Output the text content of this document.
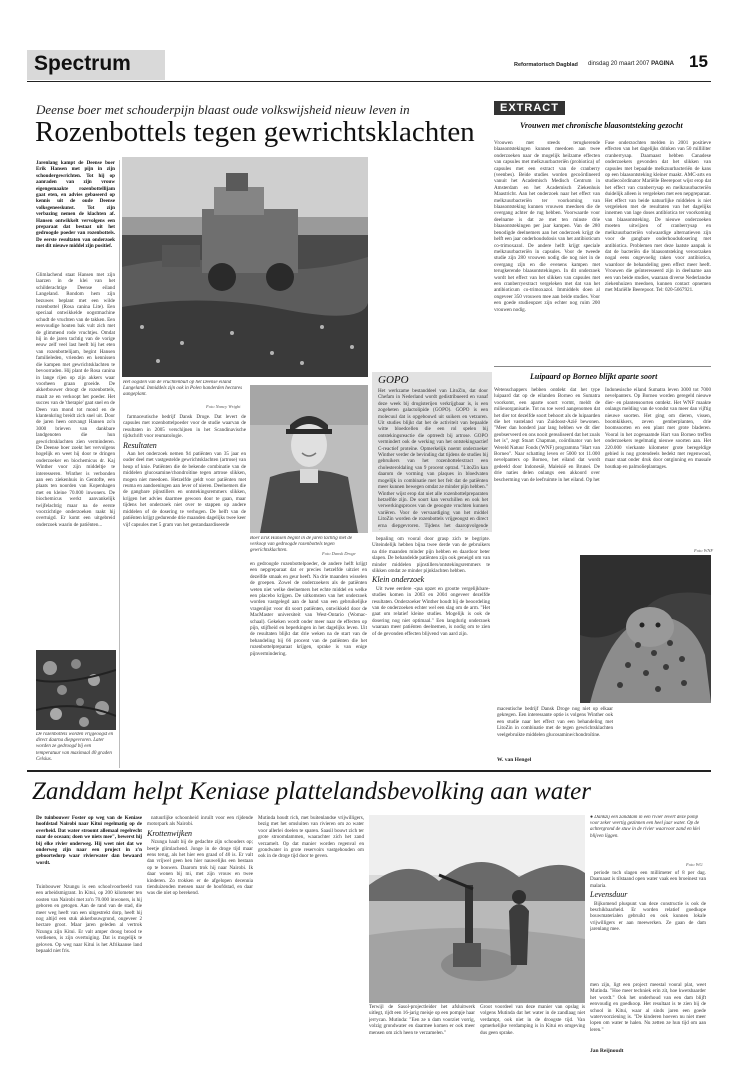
Spectrum	Reformatorisch Dagblad dinsdag 20 maart 2007 PAGINA 15
Deense boer met schouderpijn blaast oude volkswijsheid nieuw leven in
Rozenbottels tegen gewrichtsklachten
Jarenlang kampt de Deense boer Erik Hansen met pijn in zijn schoudergewrichten. Tot hij op aanraden van zijn vrouw eigengemaakte rozenbottellijam gaat eten, en advies gebaseerd op kennis uit de oude Deense volksgeneeskunst. Tot zijn verbazing nemen de klachten af. Hansen ontwikkelt vervolgens een preparaat dat bestaat uit het gedroogde poeder van rozenbottels. De eerste resultaten van onderzoek met dit nieuwe middel zijn positief.
Glimlachend staat Hansen met zijn laarzen in de klei van het schilderachtige Deense eiland Langeland. Rondom hem zijn bezuwes beplant met een wilde rozenbottel (Rosa canina Lite). Een speciaal ontwikkelde oogstmachine schudt de vruchten van de takken. Een eenvoudige houten bak vult zich met de glimmend rode vruchtjes. Omdat hij in de jaren tachtig van de vorige eeuw zelf veel last heeft bij het eten van rozenbottelijam, begint Hansen familieleden, vrienden en kennissen die kampen met gewrichtsklachten te bevoorraden. Hij plant de Rosa canina in lange rijen op zijn akkers waar voorheen graan groeide. De akkerbouwer droogt de rozenbottels, maalt ze en verkoopt het poeder. Het succes van de 'therapie' gaat snel en de Deen van mond tot mond en de klantenkring breidt zich snel uit. Door de jaren heen ontvangt Hansen zo'n 3000 brieven van dankbare landgenoten die hun gewrichtsklachten zien verminderen. De Deense boer zoekt het vervolgens hogelijk en weet hij door te dringen onderzoeker en biochemicus dr. Kaj Winther voor zijn middeltje te interesseren. Winther is verbonden aan een ziekenhuis in Gentofte, een plaats ten noorden van Kopenhagen met en kleine 70.000 inwoners. De biochemicus werkt aanvankelijk twijfelachtig maar na de eerste voorzichtige onderzoeken raakt hij overtuigd. Er komt een uitgebreid onderzoek waarin de patiënten...
De rozenbottels worden vrijgeoogst en direct daarna diepgevroren. Later worden ze gedroogd bij een temperatuur van maximaal 40 graden Celsius.
Het oogsten van de vruchtenbult op het Deense eiland Langeland. Inmiddels zijn ook in Polen handerden hectares aangeplant.
Foto Nancy Wright

farmaceutische bedrijf Dansk Droge. Dat levert de capsules met rozenbottelpoeder voor de studie waarvan de resultaten in 2005 verschijnen in het Scandinavische tijdschrift voor reumatologie.

Resultaten

Aan het onderzoek nemen 94 patiënten van 35 jaar en ouder deel met vastgestelde gewrichtsklachten (artrose) van heup of knie. Patiënten die de bekende combinatie van de middelen glucosamine/chondroïtine tegen artrose slikken, mogen niet meedoen. Hetzelfde geldt voor patiënten met reuma en aandoeningen aan lever of nieren. Deelnemers die de gangbare pijnstillers en ontstekingsremmers slikken, krijgen het advies daarmee gewoon door te gaan, maar tijdens het onderzoek niet over te stappen op andere middelen of de dosering te verhogen. De helft van de patiënten krijgt gedurende drie maanden dagelijks twee keer vijf capsules met 5 gram van het gestandaardiseerde

Boer Erik Hansen begint in de jaren tachtig met de verkoop van gedroogde rozenbottels tegen gewrichtsklachten.
Foto Dansk Droge
en gedroogde rozenbottelpoeder, de andere helft krijgt een nepgreparaat dat er precies hetzelfde uitziet en dezelfde smaak en geur heeft. Na drie maanden wisselen de groepen. Zowel de onderzoekers als de patiënten weten niet welke deelnemers het echte middel en welke een placebo krijgen. De uitkomsten van het onderzoek worden vastgelegd aan de hand van een gebruikelijke vragenlijst voor dit soort patiënten, ontwikkeld door de MacMaster universiteit van West-Ontario (Womac-schaal). Gekeken wordt onder meer naar de effecten op pijn, stijfheid en beperkingen in het dagelijks leven. Uit de resultaten blijkt dat drie weken na de start van de behandeling bij 66 procent van de patiënten die het rozenbottelpreparaat krijgen, sprake is van enige pijnvermindering.

bepaling om vooral door grasp zich te begripte. Uiteindelijk hebben bijna twee derde van de gebruikers na drie maanden minder pijn hebben en daardoor beter slapen. De behandelde patiënten zijn ook geneigd om van minder middelen pijnstillers/ontstekingsremmers te slikken omdat ze minder pijnklachten hebben.

Klein onderzoek

Uit twee eerdere -qua opzet en grootte vergelijkbare- studies komen in 2003 en 2004 ongeveer dezelfde resultaten. Onderzoeker Winther houdt bij de beoordeling van de onderzoeken echter wel een slag om de arm. "Het gaat om relatief kleine studies. Mogelijk is ook de dosering nog niet optimaal." Een langdurig onderzoek waaraan meer patiënten deelnemen, is nodig om te zien of de gevonden effecten blijvend van aard zijn.

GOPO
Het werkzame bestanddeel van LitoZin, dat door Chefam in Nederland wordt gedistribueerd en vanaf deze week bij drogisterijen verkrijgbaar is, is een zogeheten galactolipide (GOPO). GOPO is een molecuul dat is opgebouwd uit suikers en vetzuren. Uit studies blijkt dat het de activiteit van bepaalde witte bloedcellen die een rol spelen bij ontstekingsreactie die optreedt bij artrose. GOPO vermindert ook de werking van het ontstekingsactief C-reactief proteïne. Opmerkelijk noemt onderzoeker Winther verder de bevinding dat tijdens de studies bij gebruikers van het rozenbottelextract een cholesteroldaling van 9 procent optrad. "LitoZin kan daarom de vorming van plaques in bloedvaten mogelijk in combinatie met het feit dat de patiënten meer kunnen bewegen omdat ze minder pijn hebben." Winther wijst erop dat niet alle rozenbottelpreparaten hetzelfde zijn. De soort kan verschillen en ook het verwerkingsproces van de geoogste vruchten kunnen variëren. Voor de vervaardiging van het middel LitoZin worden de rozenbottels vrijgeoogst en direct erna diepgevroren. Tijdens het daaropvolgende
maceutische bedrijf Dansk Droge nog niet op elkaar gekregen. Een interessante optie is volgens Winther ook een studie naar het effect van een behandeling met LitoZin in combinatie met de tegen gewrichtsklachten veelgebruikte middelen glucosamine/chondroïtine.
W. van Hengel
EXTRACT
Vrouwen met chronische blaasontsteking gezocht
Vrouwen met steeds terugkerende blaasontstekingen kunnen meedoen aan twee onderzoeken naar de mogelijk heilzame effecten van capsules met melkzuurbacteriën (probiotica) of capsules met een extract van de cranberry (veenbes). Beide studies worden gecoördineerd vanuit het Academisch Medisch Centrum in Amsterdam en het Academisch Ziekenhuis Maastricht. Aan het onderzoek naar het effect van melkzuurbacteriën ter voorkoming van blaasontsteking kunnen vrouwen meedoen die de overgang achter de rug hebben. Voorwaarde voor deelname is dat ze met ten minste drie blaasontstekingen per jaar kampen. Van de 280 benodigde deelnemers aan het onderzoek krijgt de helft een jaar onderhoudsdosis van het antibioticum co-trimoxazol. De andere helft krijgt speciale melkzuurbacteriën in capsules. Voor de tweede studie zijn 280 vrouwen nodig die nog niet in de overgang zijn en die evenens kampen met terugkerende blaasontstekingen. In dit onderzoek wordt het effect van het slikken van capsules met een cranberryextract vergeleken met dat van het antibioticum co-trimoxazol. Immiddels doen al ongeveer 350 vrouwen mee aan beide studies. Voor een goede studieopzet zijn echter nog ruim 200 vrouwen nodig.
Fase onderzochten melden in 2001 positieve effecten van het dagelijks drinken van 50 milliliter cranberrysap. Daarnaast hebben Canadese onderzoekers gevonden dat het slikken van capsules met bepaalde melkzuurbacteriën de kans op een blaasontsteking kleiner maakt. AMC-arts en studiecoördinator Mariëlle Beerepoot wijst erop dat het effect van cranberrysap en melkzuurbacteriën duidelijk alleen is vergeleken met een nepgreparaat. Het effect van beide natuurlijke middelen is niet vergeleken met de resultaten van het dagelijks innemen van lage doses antibiotica ter voorkoming van blaasontsteking. De nieuwe onderzoeken moeten uitwijzen of cranberrysap en melkzuurbacteriën volwaardige alternatieven zijn voor de gangbare onderhoudsdosering met antibiotica. Problemen met deze laatste aanpak is dat de bacteriën die blaasontsteking veroorzaken nogal eens ongevoelig raken voor antibiotica, waardoor de behandeling geen effect meer heeft. Vrouwen die geïnteresseerd zijn in deelname aan een van beide studies, waaraan diverse Nederlandse ziekenhuizen meedoen, kunnen contact opnemen met Mariëlle Beerepoot. Tel: 020-5667921.
Luipaard op Borneo blijkt aparte soort
Wetenschappers hebben ontdekt dat het type luipaard dat op de eilanden Borneo en Sumatra voorkomt, een aparte soort vormt, meldt de milieuorganisatie. Tot nu toe werd aangenomen dat het dier tot dezelfde soort behoort als de luipaarden die het vasteland van Zuidoost-Azië bewonen. "Meer dan honderd jaar lang hebben we dit dier geobserveerd en ons nooit gerealiseerd dat het zoals het is", zegt Stuart Chapman, coördinator van het Wereld Natuur Fonds (WNF) programma "Hart van Borneo". Naar schatting leven er 5000 tot 11.000 nevelpanters op Borneo, het eiland dat wordt gedeeld door Indonesië, Maleisië en Brunei. De drie naties delen onlangs een akkoord over bescherming van de leefruimte in het eiland. Op het
Indonesische eiland Sumatra leven 3000 tot 7000 nevelpanters. Op Borneo worden geregeld nieuwe dier- en plantensoorten ontdekt. Het WNF maakte onlangs melding van de vondst van meer dan vijftig nieuwe soorten. Het ging om dieren, vissen, boomkikkers, zeven gemberplanten, drie boomsoorten en een plant met grote bladeren. Vooral in het zogenaamde Hart van Borneo treffen onderzoekers regelmatig nieuwe soorten aan. Het 220.000 vierkante kilometer grote beregeldige gebied is nog grotendeels bedekt met regenwoud, maar staat onder druk door ontginning en massale houtkap en palmolieplantages.
Foto WNF
Zanddam helpt Keniase plattelandsbevolking aan water
De tuinbouwer Foster op weg van de Keniase hoofdstad Nairobi naar Kitui regelmatig op de overheid. Dat water stroomt allemaal regelrecht naar de oceaan; doen we niets mee", bewerst hij bij elke rivier onderweg. Hij weet niet dat we onderweg zijn naar een project in z'n geboortedorp waar rivierwater dan bewaard wordt.
Tuinbouwer Nzungu is een schoolvoorbeeld van een arbeidsmigrant. In Kitui, op 200 kilometer ten oosten van Nairobi met zo'n 70.000 inwoners, is hij geboren en getogen. Aan de rand van de stad, die meer weg heeft van een uitgestrekt dorp, heeft hij nog altijd een stuk akkerbouwgrond, ongeveer 2 hectare groot. Maar jaren geleden al vertrok Nzungu zijn Kitui. Er valt amper droog brood te verdienen, is zijn overtuiging. Dat is mogelijk te geloven. Op weg naar Kitui is het Afrikaanse land bepaald niet fris.

natuurlijke schoonheid inruilt voor een rijdende motorpark als Nairobi.

Krottenwijken

Nzungu haalt bij de gedachte zijn schouders op; beetje glimlachend. Jonge in de droge tijd maar eens terug, als het hier een graad of 40 is. Er valt dan vrijwel geen hen hier nauwelijks een bestaan op te bouwen. Daarom trok hij naar Nairobi. Ik daar wonen bij mi, met zijn vrouw en twee kinderen. Zo trokken er de afgelopen decennia tienduizenden mensen naar de hoofdstad, en daar was die niet op berekend.

Mutinda houdt rich, met buitenlandse vrijwilligers, bezig met het omsluiten van rivieren om zo water voor allerlei doelen te sparen. Saasil bouwt zich ter grote stroomdammen, waarachter zich het zand verzamelt. Op dat manier worden regenval en grondwater in grote reservoirs vastgehouden om ook in de droge tijd door te geven.
Terwijl de Sasol-projectleider het afsluitwerk uitlegt, rijdt een 16-jarig meisje op een pompje haar jerrycan. Mutinda: "Een ze n dam voorziet vorrig, volzig grondwater en daarmee komen er ook meer mensen om zich heen te verzamelen."
Groot voordeel van deze manier van opslag is volgens Mutinda dat het water in de zandlaag niet verdampt, ook niet in de droogste tijd. Van opmerkelijke verdamping is in Kitui en omgeving dus geen sprake.
● Dankzij een zanddam in een rivier levert deze pomp voor zeker veertig gezinnen een heel jaar water. Op de achtergrond de stuw in de rivier waarvoor zand en klei blijven liggen.
Foto WG

periode toch slagen een millimeter of 8 per dag. Daarnaast is tilstaand open water vaak een broeinest van malaria.

Levensduur

Bijkomend pluspunt van deze constructie is ook de beschikbaarheid. Er worden relatief goedkope bouwmaterialen gebruikt en ook kunnen lokale vrijwilligers er aan meewerken. Ze gaan de dam jarenlang mee.

men zijn, ligt een project meestal vooral plat, weet Mutinda. "Hoe meer techniek erin zit, hoe kwetsbaarder het wordt." Ook het onderhoud van een dam blijft eenvoudig en goedkoop. Het resultaat is te zien bij de school in Kitui, waar al sinds jaren een goede watervoorziening is. "De kinderen hoeven nu niet meer lopen om water te halen. Nu zetten ze hun tijd om aan leren."
Jan Reijnoudt
